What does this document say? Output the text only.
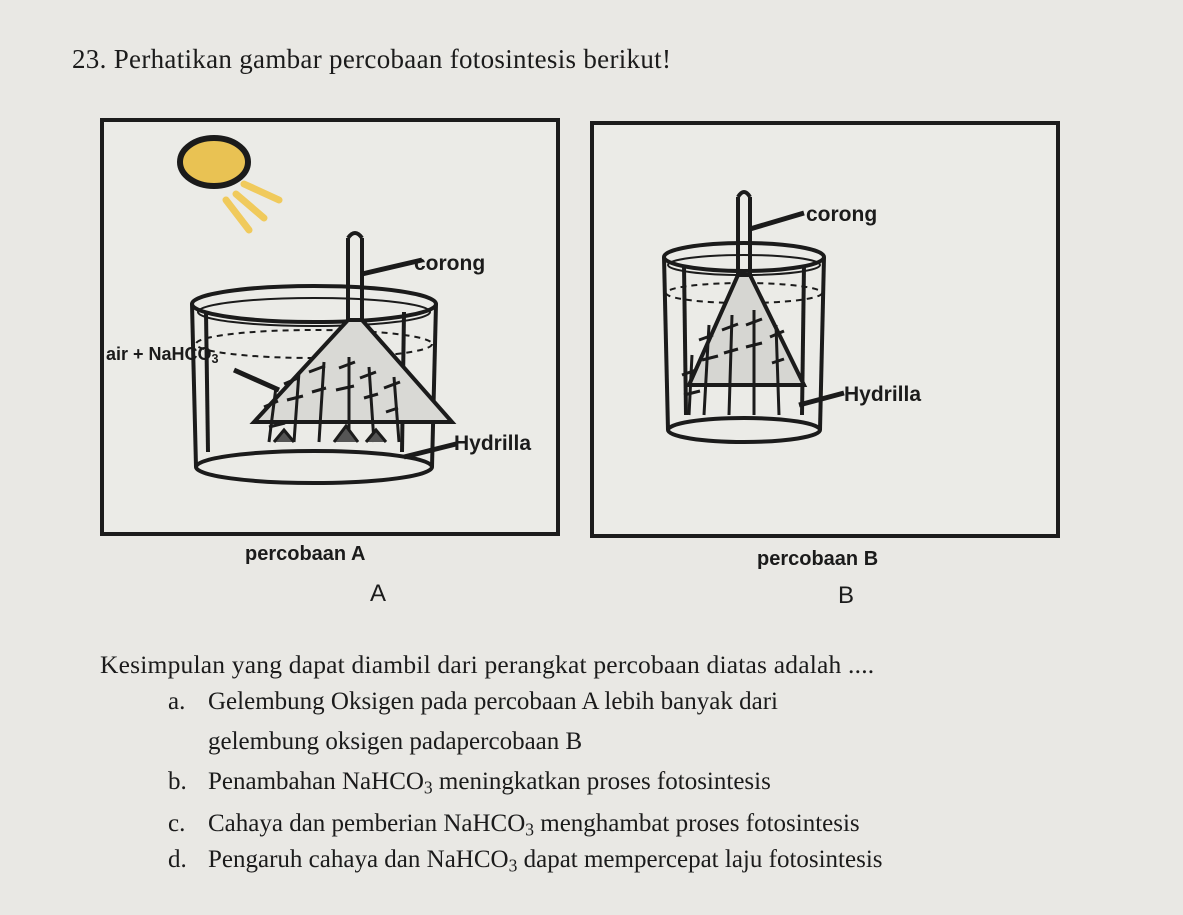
23. Perhatikan gambar percobaan fotosintesis berikut!
corong
air + NaHCO$_3$
Hydrilla
corong
Hydrilla
percobaan A
A
percobaan B
B
Kesimpulan yang dapat diambil dari perangkat percobaan diatas adalah ....
a. Gelembung Oksigen pada percobaan A lebih banyak dari
gelembung oksigen padapercobaan B
b. Penambahan NaHCO$_3$ meningkatkan proses fotosintesis
c. Cahaya dan pemberian NaHCO$_3$ menghambat proses fotosintesis
d. Pengaruh cahaya dan NaHCO$_3$ dapat mempercepat laju fotosintesis
